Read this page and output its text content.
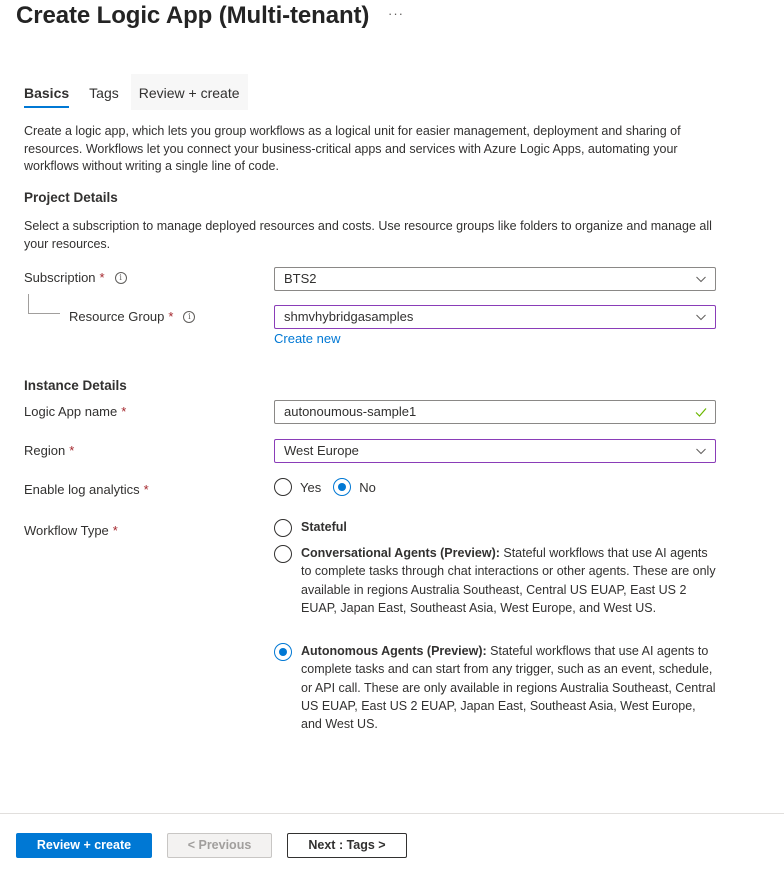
Create Logic App (Multi-tenant) ···
Basics	Tags	Review + create
Create a logic app, which lets you group workflows as a logical unit for easier management, deployment and sharing of resources. Workflows let you connect your business-critical apps and services with Azure Logic Apps, automating your workflows without writing a single line of code.
Project Details
Select a subscription to manage deployed resources and costs. Use resource groups like folders to organize and manage all your resources.
Subscription *	i	BTS2
Resource Group *	i	shmvhybridgasamples
Create new
Instance Details
Logic App name *	autonoumous-sample1
Region *	West Europe
Enable log analytics *	Yes	No
Workflow Type *	Stateful
Conversational Agents (Preview): Stateful workflows that use AI agents to complete tasks through chat interactions or other agents. These are only available in regions Australia Southeast, Central US EUAP, East US 2 EUAP, Japan East, Southeast Asia, West Europe, and West US.
Autonomous Agents (Preview): Stateful workflows that use AI agents to complete tasks and can start from any trigger, such as an event, schedule, or API call. These are only available in regions Australia Southeast, Central US EUAP, East US 2 EUAP, Japan East, Southeast Asia, West Europe, and West US.
Review + create	< Previous	Next : Tags >
